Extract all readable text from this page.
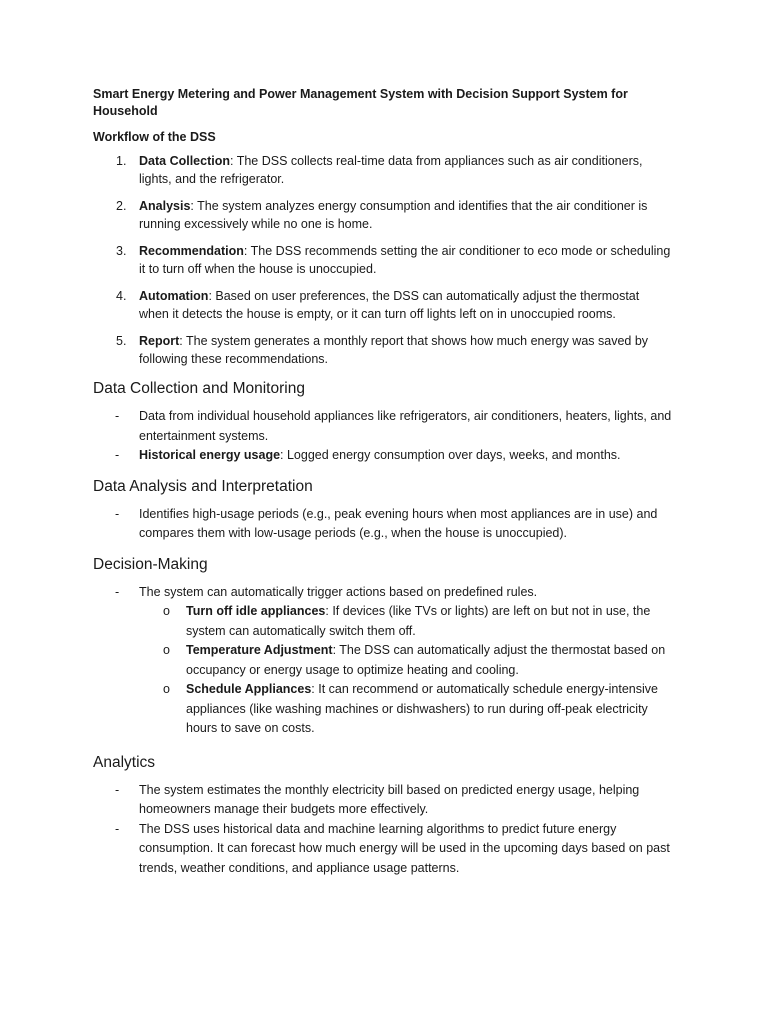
Smart Energy Metering and Power Management System with Decision Support System for Household

Workflow of the DSS

1. Data Collection: The DSS collects real-time data from appliances such as air conditioners, lights, and the refrigerator.
2. Analysis: The system analyzes energy consumption and identifies that the air conditioner is running excessively while no one is home.
3. Recommendation: The DSS recommends setting the air conditioner to eco mode or scheduling it to turn off when the house is unoccupied.
4. Automation: Based on user preferences, the DSS can automatically adjust the thermostat when it detects the house is empty, or it can turn off lights left on in unoccupied rooms.
5. Report: The system generates a monthly report that shows how much energy was saved by following these recommendations.
Data Collection and Monitoring
- Data from individual household appliances like refrigerators, air conditioners, heaters, lights, and entertainment systems.
- Historical energy usage: Logged energy consumption over days, weeks, and months.
Data Analysis and Interpretation
- Identifies high-usage periods (e.g., peak evening hours when most appliances are in use) and compares them with low-usage periods (e.g., when the house is unoccupied).
Decision-Making
- The system can automatically trigger actions based on predefined rules.
o Turn off idle appliances: If devices (like TVs or lights) are left on but not in use, the system can automatically switch them off.
o Temperature Adjustment: The DSS can automatically adjust the thermostat based on occupancy or energy usage to optimize heating and cooling.
o Schedule Appliances: It can recommend or automatically schedule energy-intensive appliances (like washing machines or dishwashers) to run during off-peak electricity hours to save on costs.
Analytics
- The system estimates the monthly electricity bill based on predicted energy usage, helping homeowners manage their budgets more effectively.
- The DSS uses historical data and machine learning algorithms to predict future energy consumption. It can forecast how much energy will be used in the upcoming days based on past trends, weather conditions, and appliance usage patterns.
